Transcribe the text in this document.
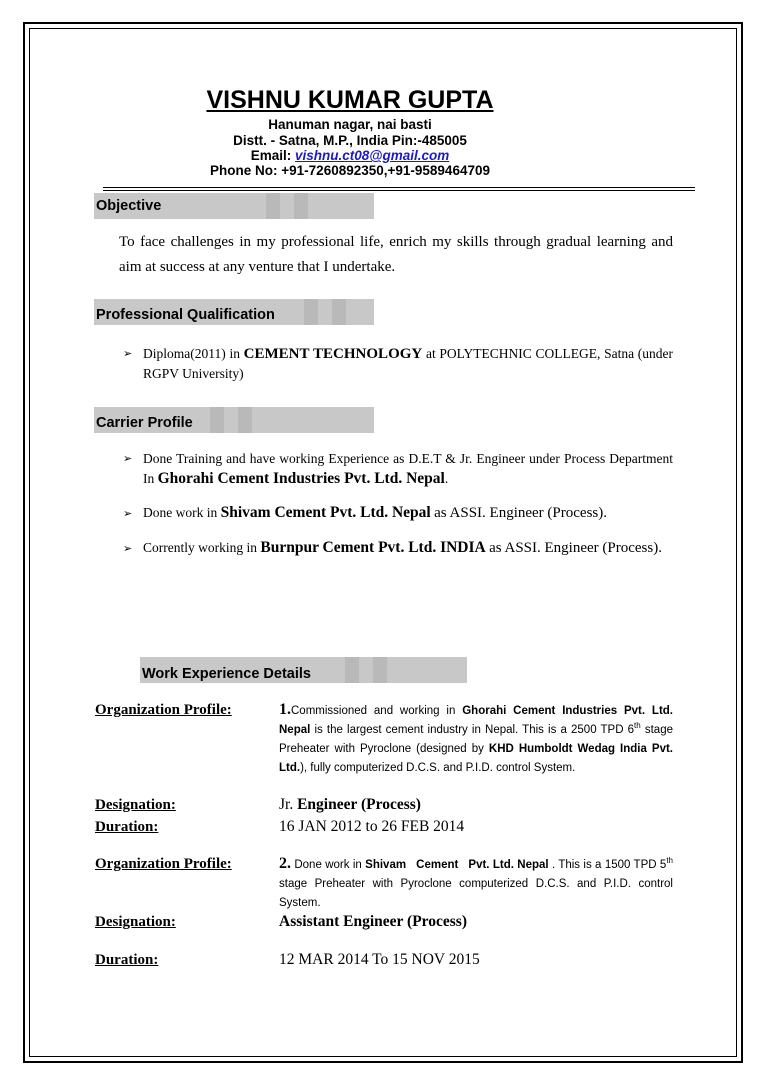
VISHNU KUMAR GUPTA
Hanuman nagar, nai basti
Distt. - Satna, M.P., India Pin:-485005
Email: vishnu.ct08@gmail.com
Phone No: +91-7260892350,+91-9589464709
Objective
To face challenges in my professional life, enrich my skills through gradual learning and aim at success at any venture that I undertake.
Professional Qualification
➢ Diploma(2011) in CEMENT TECHNOLOGY at POLYTECHNIC COLLEGE, Satna (under RGPV University)
Carrier Profile
➢ Done Training and have working Experience as D.E.T & Jr. Engineer under Process Department In Ghorahi Cement Industries Pvt. Ltd. Nepal.
➢ Done work in Shivam Cement Pvt. Ltd. Nepal as ASSI. Engineer (Process).
➢ Corrently working in Burnpur Cement Pvt. Ltd. INDIA as ASSI. Engineer (Process).
Work Experience Details
Organization Profile:	1.Commissioned and working in Ghorahi Cement Industries Pvt. Ltd. Nepal is the largest cement industry in Nepal. This is a 2500 TPD 6th stage Preheater with Pyroclone (designed by KHD Humboldt Wedag India Pvt. Ltd.), fully computerized D.C.S. and P.I.D. control System.
Designation:	Jr. Engineer (Process)
Duration:	16 JAN 2012 to 26 FEB 2014
Organization Profile:	2. Done work in Shivam   Cement   Pvt. Ltd. Nepal . This is a 1500 TPD 5th stage Preheater with Pyroclone computerized D.C.S. and P.I.D. control System.
Designation:	Assistant Engineer (Process)
Duration:	12 MAR 2014 To 15 NOV 2015
